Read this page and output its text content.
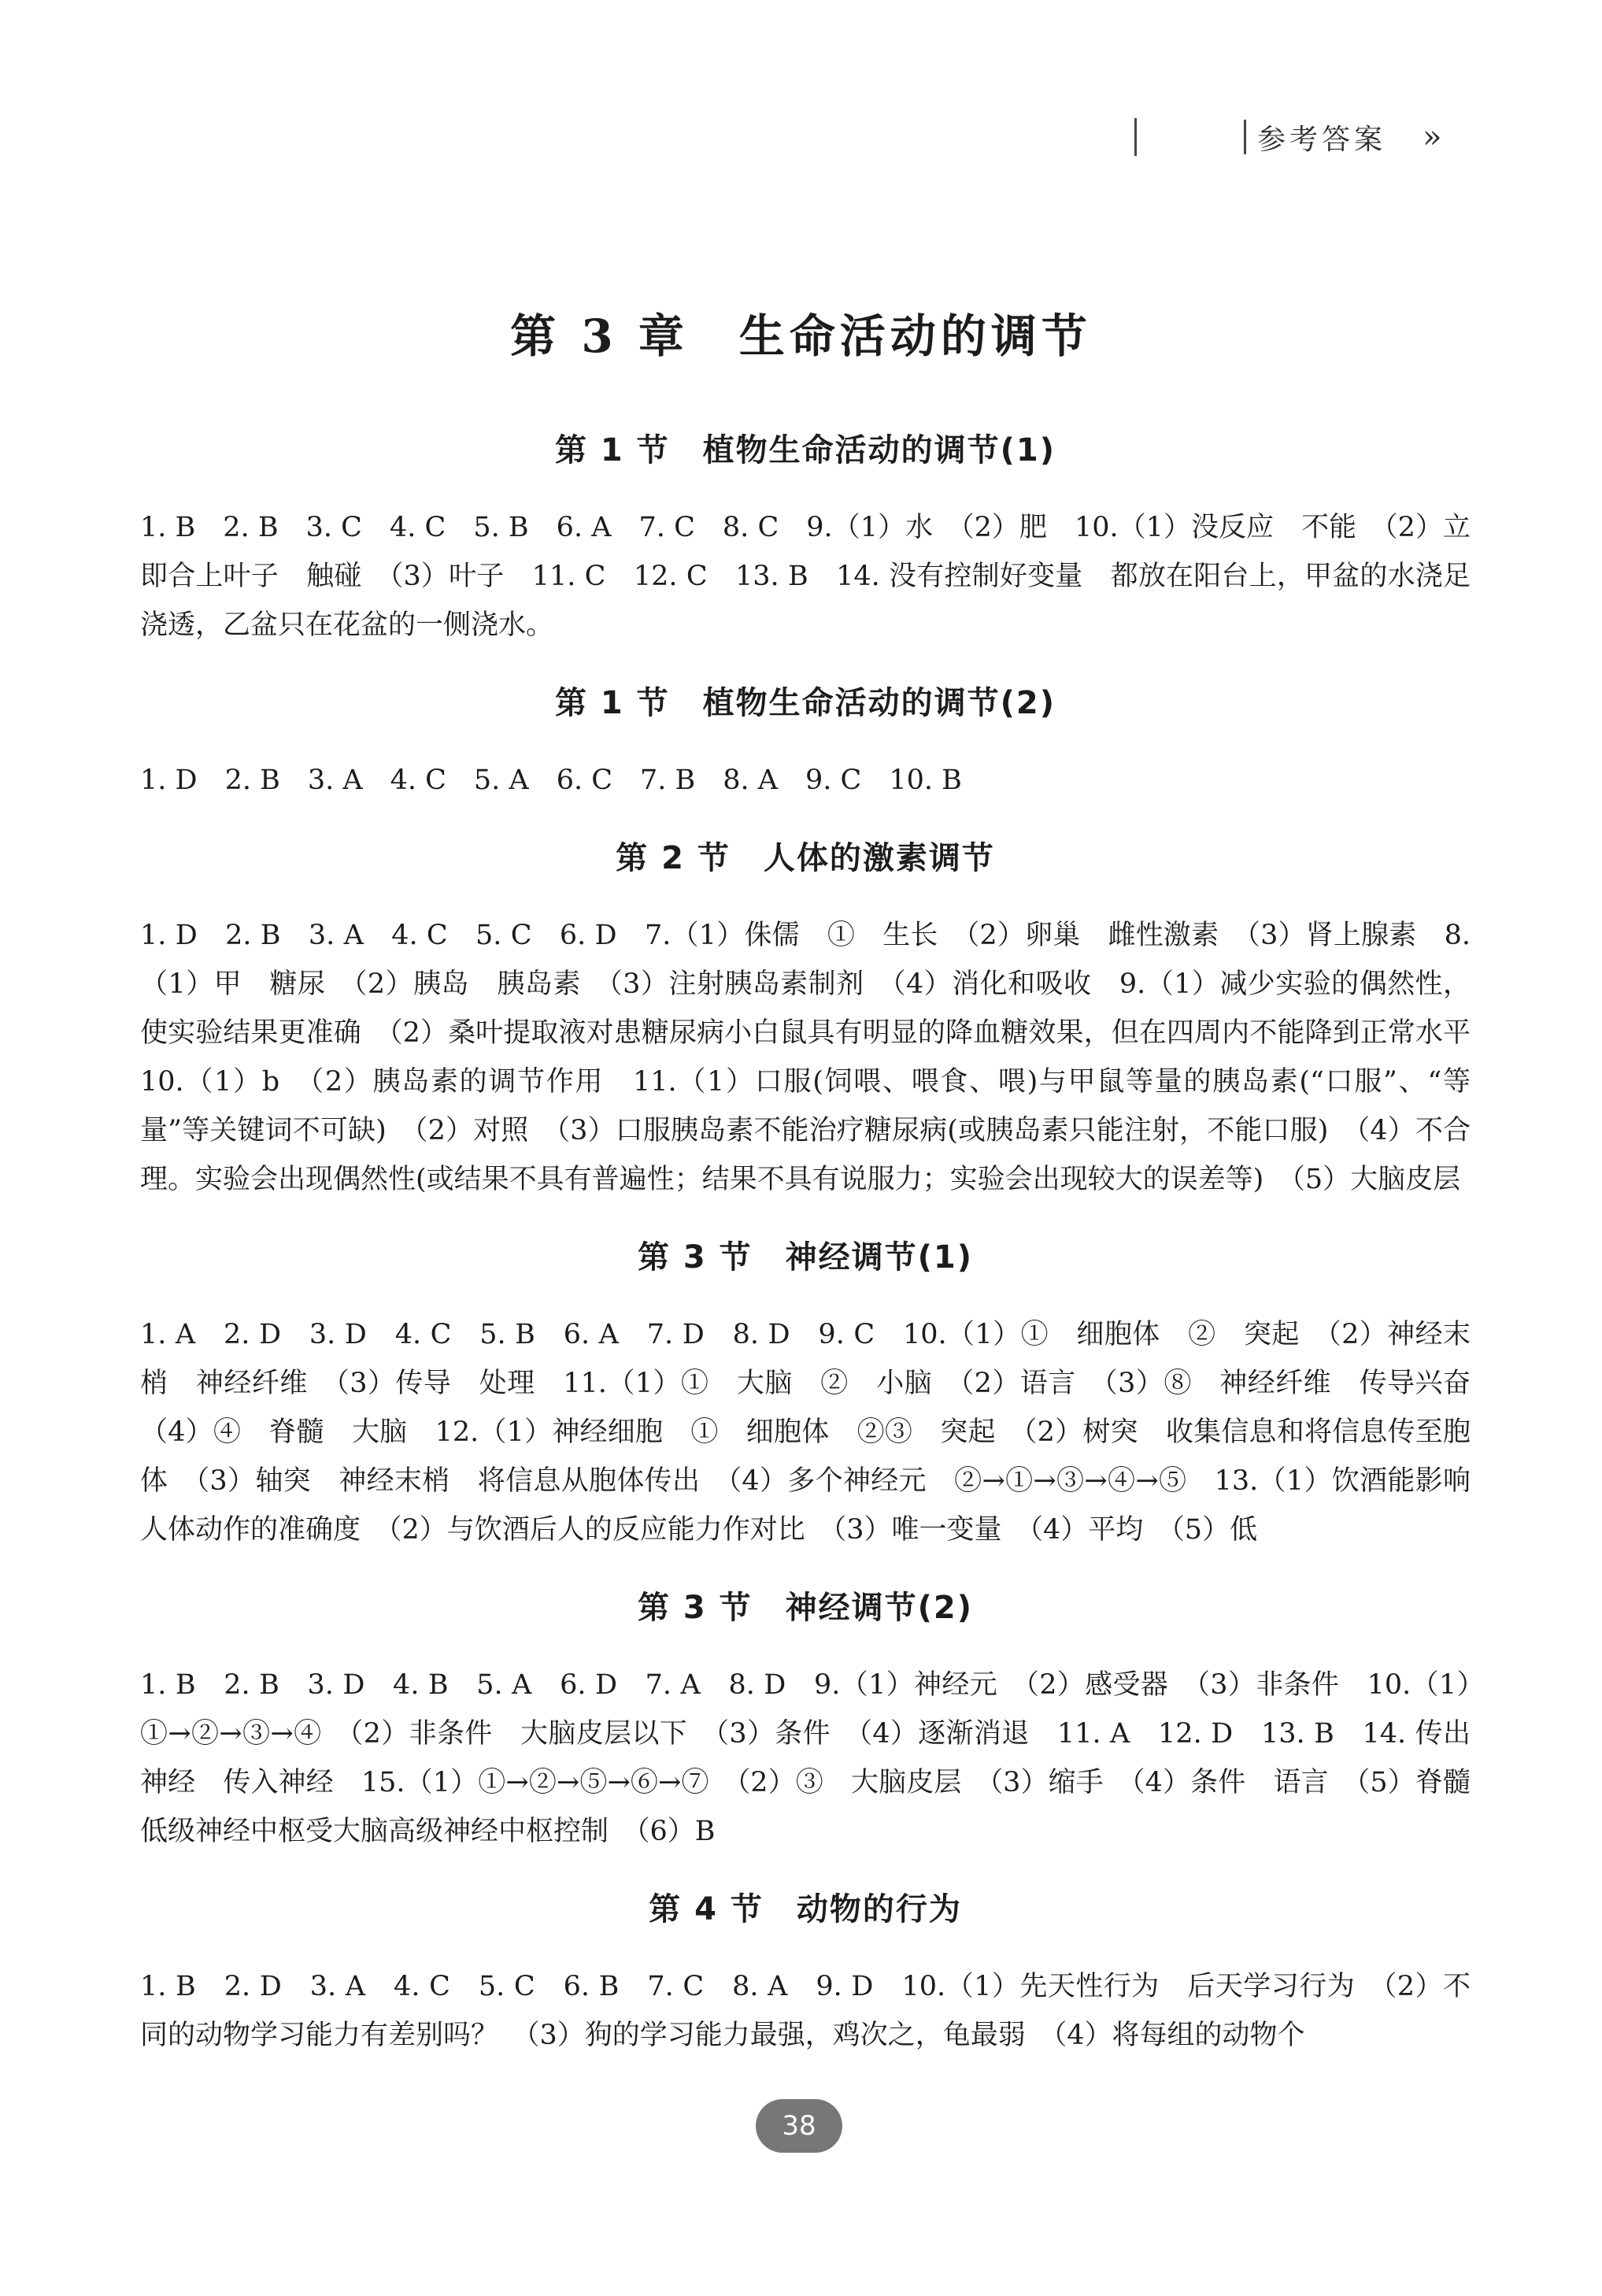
参考答案 »
第 3 章　生命活动的调节
第 1 节　植物生命活动的调节(1)
1. B　2. B　3. C　4. C　5. B　6. A　7. C　8. C　9.（1）水　（2）肥　10.（1）没反应　不能　（2）立即合上叶子　触碰　（3）叶子　11. C　12. C　13. B　14. 没有控制好变量　都放在阳台上，甲盆的水浇足浇透，乙盆只在花盆的一侧浇水。
第 1 节　植物生命活动的调节(2)
1. D　2. B　3. A　4. C　5. A　6. C　7. B　8. A　9. C　10. B
第 2 节　人体的激素调节
1. D　2. B　3. A　4. C　5. C　6. D　7.（1）侏儒　①　生长　（2）卵巢　雌性激素　（3）肾上腺素　8.（1）甲　糖尿　（2）胰岛　胰岛素　（3）注射胰岛素制剂　（4）消化和吸收　9.（1）减少实验的偶然性，使实验结果更准确　（2）桑叶提取液对患糖尿病小白鼠具有明显的降血糖效果，但在四周内不能降到正常水平　10.（1）b　（2）胰岛素的调节作用　11.（1）口服(饲喂、喂食、喂)与甲鼠等量的胰岛素(“口服”、“等量”等关键词不可缺)　（2）对照　（3）口服胰岛素不能治疗糖尿病(或胰岛素只能注射，不能口服)　（4）不合理。实验会出现偶然性(或结果不具有普遍性；结果不具有说服力；实验会出现较大的误差等)　（5）大脑皮层
第 3 节　神经调节(1)
1. A　2. D　3. D　4. C　5. B　6. A　7. D　8. D　9. C　10.（1）①　细胞体　②　突起　（2）神经末梢　神经纤维　（3）传导　处理　11.（1）①　大脑　②　小脑　（2）语言　（3）⑧　神经纤维　传导兴奋　（4）④　脊髓　大脑　12.（1）神经细胞　①　细胞体　②③　突起　（2）树突　收集信息和将信息传至胞体　（3）轴突　神经末梢　将信息从胞体传出　（4）多个神经元　②→①→③→④→⑤　13.（1）饮酒能影响人体动作的准确度　（2）与饮酒后人的反应能力作对比　（3）唯一变量　（4）平均　（5）低
第 3 节　神经调节(2)
1. B　2. B　3. D　4. B　5. A　6. D　7. A　8. D　9.（1）神经元　（2）感受器　（3）非条件　10.（1）①→②→③→④　（2）非条件　大脑皮层以下　（3）条件　（4）逐渐消退　11. A　12. D　13. B　14. 传出神经　传入神经　15.（1）①→②→⑤→⑥→⑦　（2）③　大脑皮层　（3）缩手　（4）条件　语言　（5）脊髓低级神经中枢受大脑高级神经中枢控制　（6）B
第 4 节　动物的行为
1. B　2. D　3. A　4. C　5. C　6. B　7. C　8. A　9. D　10.（1）先天性行为　后天学习行为　（2）不同的动物学习能力有差别吗？　（3）狗的学习能力最强，鸡次之，龟最弱　（4）将每组的动物个
38
